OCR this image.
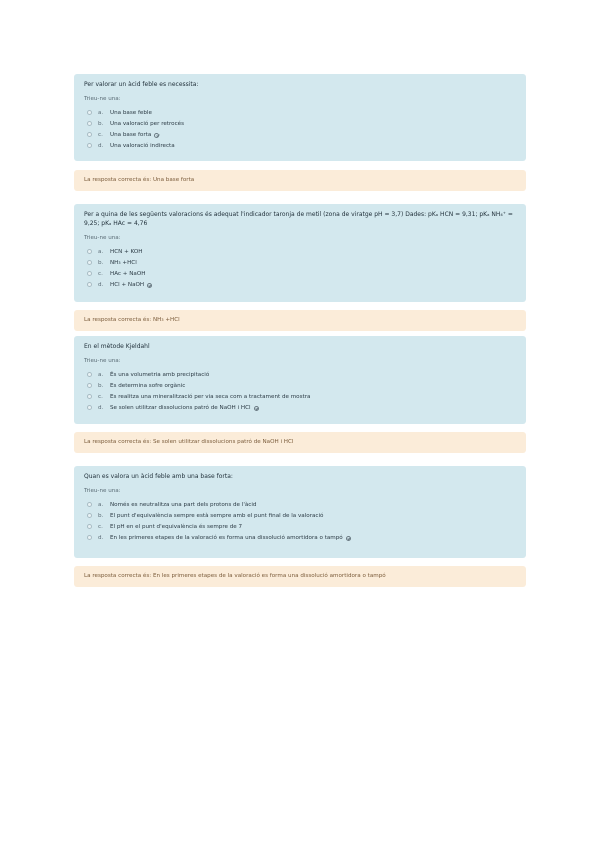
Per valorar un àcid feble es necessita:
Trieu-ne una:
a.	Una base feble
b.	Una valoració per retrocés
c.	Una base forta
d.	Una valoració indirecta
La resposta correcta és: Una base forta
Per a quina de les següents valoracions és adequat l'indicador taronja de metil (zona de viratge pH = 3,7) Dades: pKₐ HCN = 9,31; pKₐ NH₄⁺ = 9,25; pKₐ HAc = 4,76
Trieu-ne una:
a.	HCN + KOH
b.	NH₃ +HCl
c.	HAc + NaOH
d.	HCl + NaOH
La resposta correcta és: NH₃ +HCl
En el mètode Kjeldahl
Trieu-ne una:
a.	És una volumetria amb precipitació
b.	Es determina sofre orgànic
c.	Es realitza una mineralització per via seca com a tractament de mostra
d.	Se solen utilitzar dissolucions patró de NaOH i HCl
La resposta correcta és: Se solen utilitzar dissolucions patró de NaOH i HCl
Quan es valora un àcid feble amb una base forta:
Trieu-ne una:
a.	Només es neutralitza una part dels protons de l'àcid
b.	El punt d'equivalència sempre està sempre amb el punt final de la valoració
c.	El pH en el punt d'equivalència és sempre de 7
d.	En les primeres etapes de la valoració es forma una dissolució amortidora o tampó
La resposta correcta és: En les primeres etapes de la valoració es forma una dissolució amortidora o tampó
